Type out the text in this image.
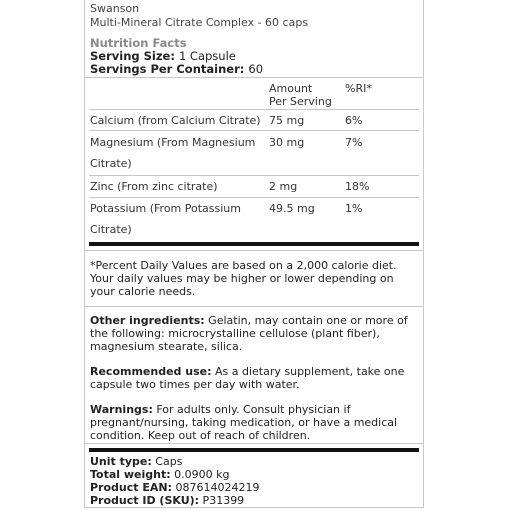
Swanson
Multi-Mineral Citrate Complex - 60 caps
Nutrition Facts
Serving Size: 1 Capsule
Servings Per Container: 60
Amount
Per Serving
%RI*
Calcium (from Calcium Citrate) 75 mg	6%
Magnesium (From Magnesium
Citrate)
30 mg	7%
Zinc (From zinc citrate)	2 mg	18%
Potassium (From Potassium
Citrate)
49.5 mg	1%
*Percent Daily Values are based on a 2,000 calorie diet. Your daily values may be higher or lower depending on your calorie needs.
Other ingredients: Gelatin, may contain one or more of the following: microcrystalline cellulose (plant fiber), magnesium stearate, silica.
Recommended use: As a dietary supplement, take one capsule two times per day with water.
Warnings: For adults only. Consult physician if pregnant/nursing, taking medication, or have a medical condition. Keep out of reach of children.
Unit type: Caps
Total weight: 0.0900 kg
Product EAN: 087614024219
Product ID (SKU): P31399
